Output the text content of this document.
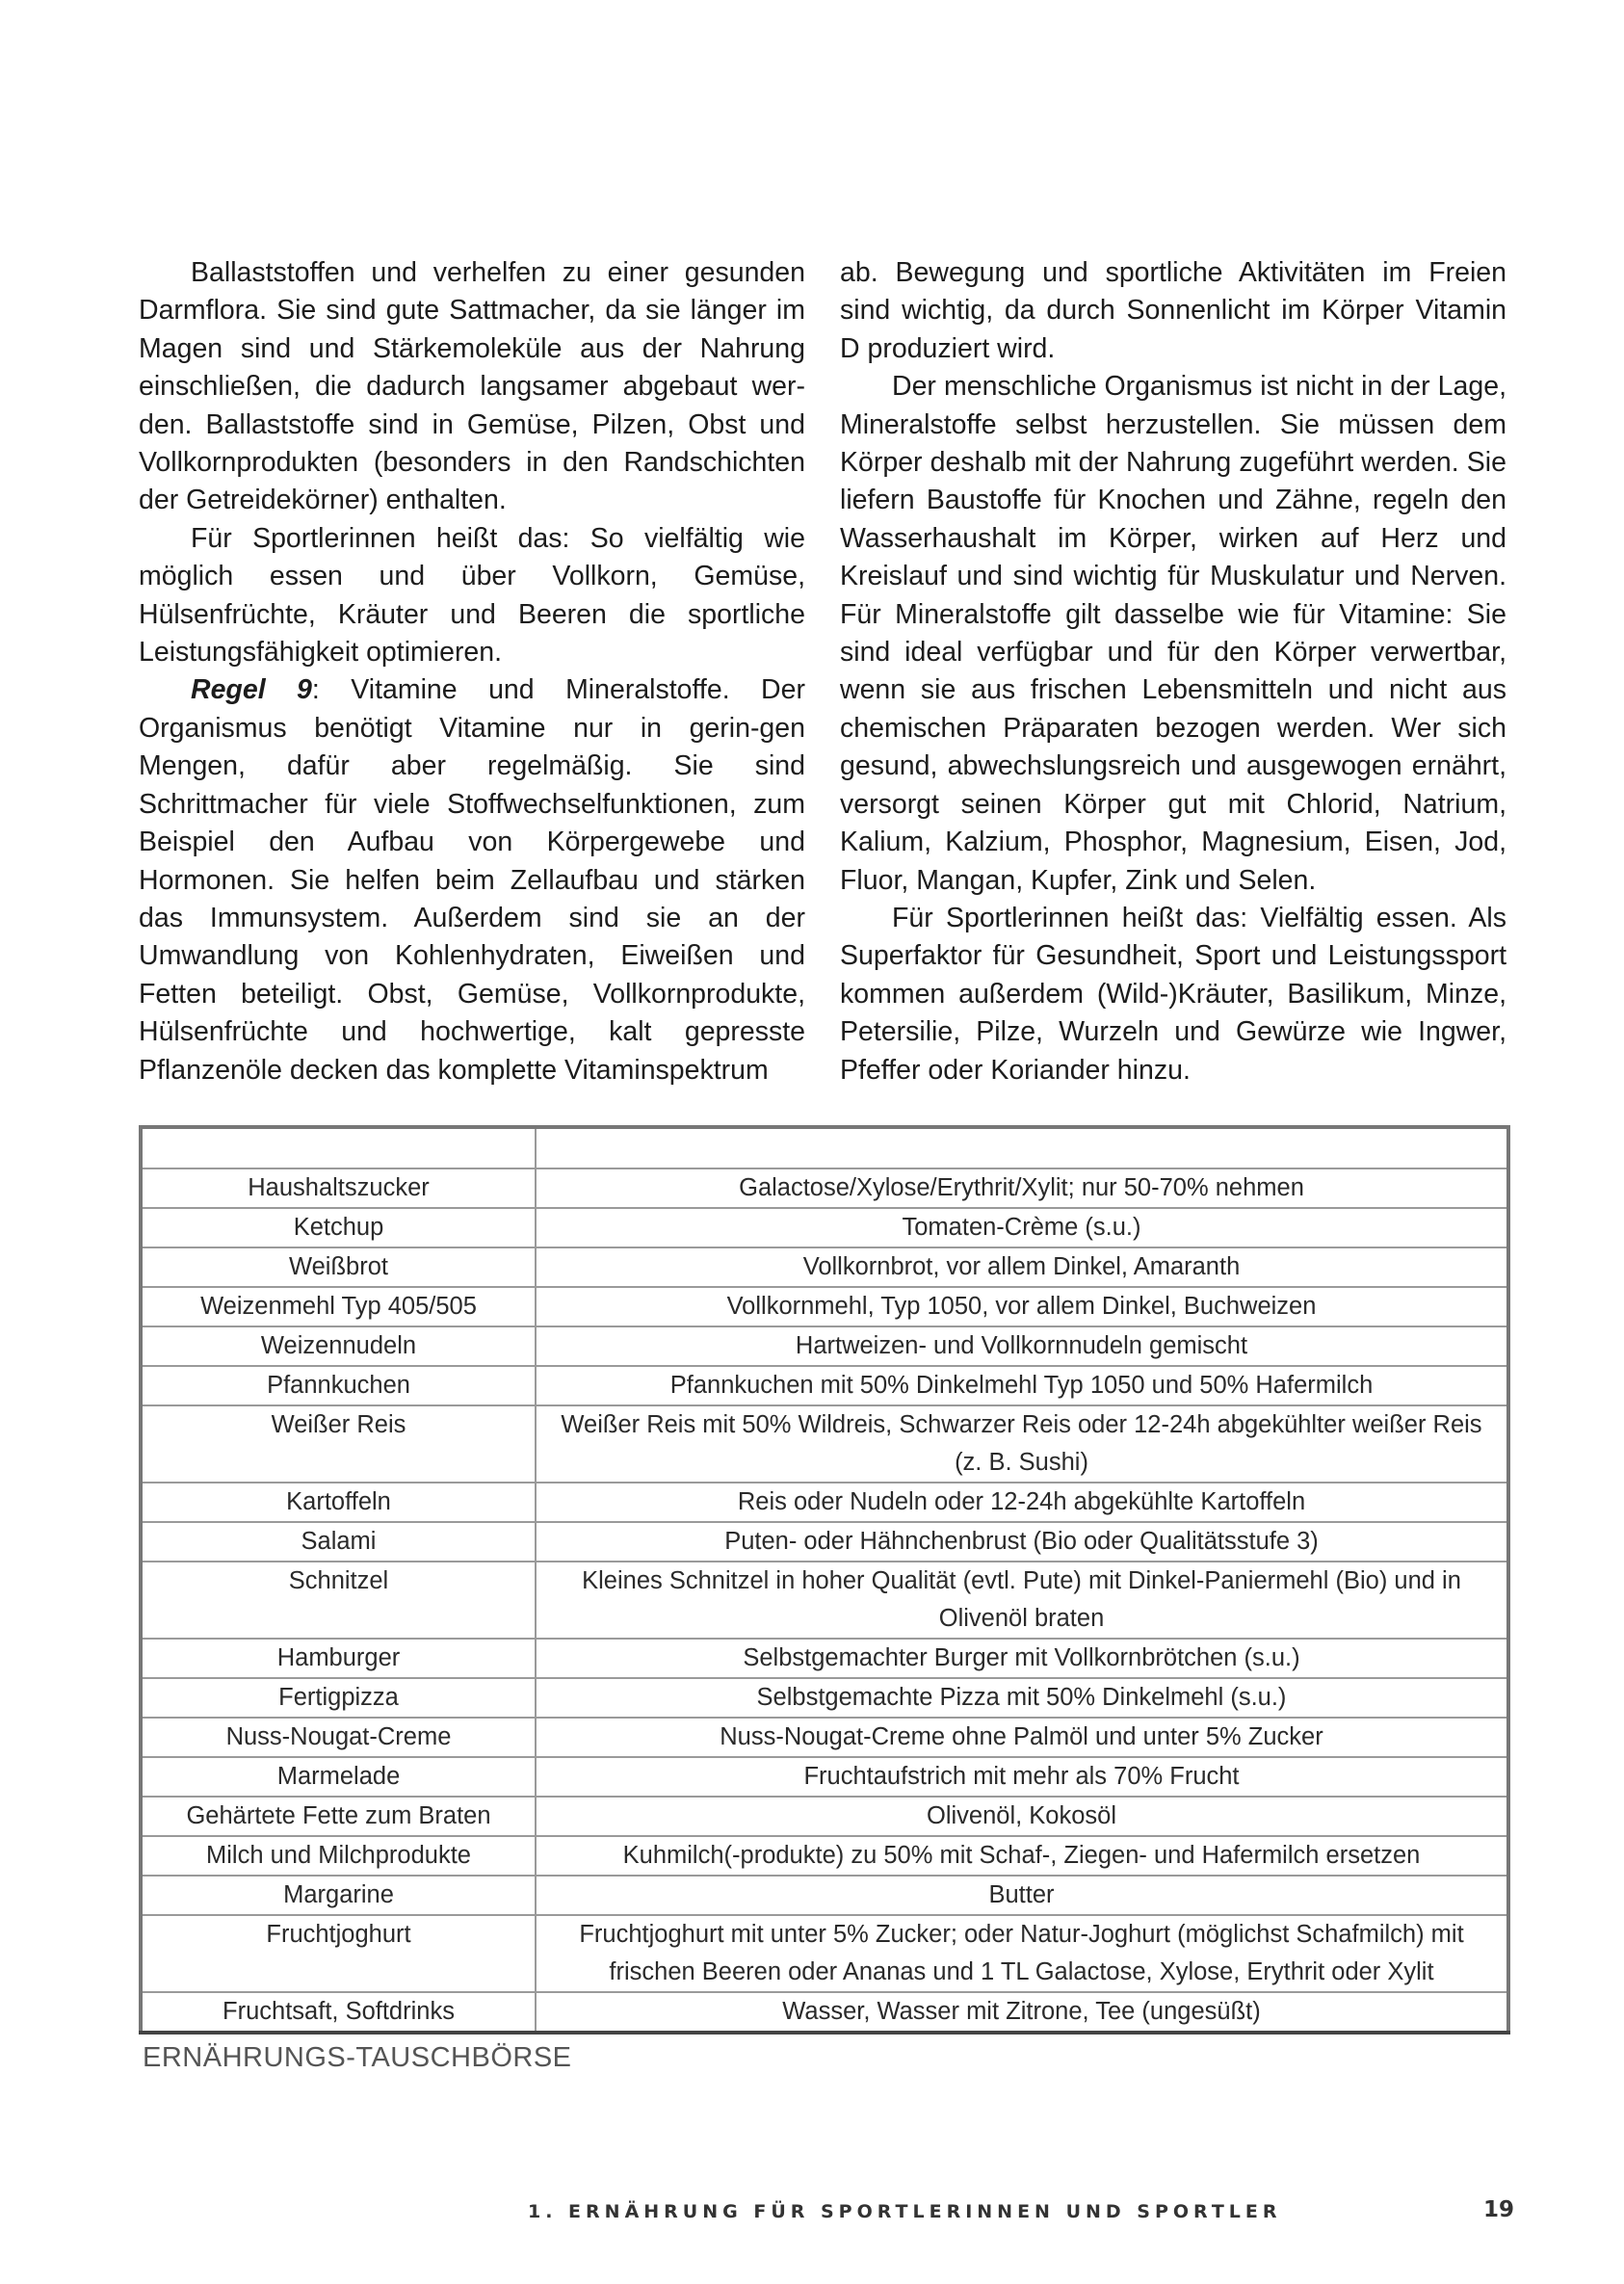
Ballaststoffen und verhelfen zu einer gesunden Darmflora. Sie sind gute Sattmacher, da sie länger im Magen sind und Stärkemoleküle aus der Nahrung einschließen, die dadurch langsamer abgebaut wer-den. Ballaststoffe sind in Gemüse, Pilzen, Obst und Vollkornprodukten (besonders in den Randschichten der Getreidekörner) enthalten.

Für Sportlerinnen heißt das: So vielfältig wie möglich essen und über Vollkorn, Gemüse, Hülsenfrüchte, Kräuter und Beeren die sportliche Leistungsfähigkeit optimieren.

Regel 9: Vitamine und Mineralstoffe. Der Organismus benötigt Vitamine nur in gerin-gen Mengen, dafür aber regelmäßig. Sie sind Schrittmacher für viele Stoffwechselfunktionen, zum Beispiel den Aufbau von Körpergewebe und Hormonen. Sie helfen beim Zellaufbau und stärken das Immunsystem. Außerdem sind sie an der Umwandlung von Kohlenhydraten, Eiweißen und Fetten beteiligt. Obst, Gemüse, Vollkornprodukte, Hülsenfrüchte und hochwertige, kalt gepresste Pflanzenöle decken das komplette Vitaminspektrum

ab. Bewegung und sportliche Aktivitäten im Freien sind wichtig, da durch Sonnenlicht im Körper Vitamin D produziert wird.

Der menschliche Organismus ist nicht in der Lage, Mineralstoffe selbst herzustellen. Sie müssen dem Körper deshalb mit der Nahrung zugeführt werden. Sie liefern Baustoffe für Knochen und Zähne, regeln den Wasserhaushalt im Körper, wirken auf Herz und Kreislauf und sind wichtig für Muskulatur und Nerven. Für Mineralstoffe gilt dasselbe wie für Vitamine: Sie sind ideal verfügbar und für den Körper verwertbar, wenn sie aus frischen Lebensmitteln und nicht aus chemischen Präparaten bezogen werden. Wer sich gesund, abwechslungsreich und ausgewogen ernährt, versorgt seinen Körper gut mit Chlorid, Natrium, Kalium, Kalzium, Phosphor, Magnesium, Eisen, Jod, Fluor, Mangan, Kupfer, Zink und Selen.

Für Sportlerinnen heißt das: Vielfältig essen. Als Superfaktor für Gesundheit, Sport und Leistungssport kommen außerdem (Wild-)Kräuter, Basilikum, Minze, Petersilie, Pilze, Wurzeln und Gewürze wie Ingwer, Pfeffer oder Koriander hinzu.

Haushaltszucker	Galactose/Xylose/Erythrit/Xylit; nur 50-70% nehmen
Ketchup	Tomaten-Crème (s.u.)
Weißbrot	Vollkornbrot, vor allem Dinkel, Amaranth
Weizenmehl Typ 405/505	Vollkornmehl, Typ 1050, vor allem Dinkel, Buchweizen
Weizennudeln	Hartweizen- und Vollkornnudeln gemischt
Pfannkuchen	Pfannkuchen mit 50% Dinkelmehl Typ 1050 und 50% Hafermilch
Weißer Reis	Weißer Reis mit 50% Wildreis, Schwarzer Reis oder 12-24h abgekühlter weißer Reis (z. B. Sushi)
Kartoffeln	Reis oder Nudeln oder 12-24h abgekühlte Kartoffeln
Salami	Puten- oder Hähnchenbrust (Bio oder Qualitätsstufe 3)
Schnitzel	Kleines Schnitzel in hoher Qualität (evtl. Pute) mit Dinkel-Paniermehl (Bio) und in Olivenöl braten
Hamburger	Selbstgemachter Burger mit Vollkornbrötchen (s.u.)
Fertigpizza	Selbstgemachte Pizza mit 50% Dinkelmehl (s.u.)
Nuss-Nougat-Creme	Nuss-Nougat-Creme ohne Palmöl und unter 5% Zucker
Marmelade	Fruchtaufstrich mit mehr als 70% Frucht
Gehärtete Fette zum Braten	Olivenöl, Kokosöl
Milch und Milchprodukte	Kuhmilch(-produkte) zu 50% mit Schaf-, Ziegen- und Hafermilch ersetzen
Margarine	Butter
Fruchtjoghurt	Fruchtjoghurt mit unter 5% Zucker; oder Natur-Joghurt (möglichst Schafmilch) mit frischen Beeren oder Ananas und 1 TL Galactose, Xylose, Erythrit oder Xylit
Fruchtsaft, Softdrinks	Wasser, Wasser mit Zitrone, Tee (ungesüßt)
ERNÄHRUNGS-TAUSCHBÖRSE
1. ERNÄHRUNG FÜR SPORTLERINNEN UND SPORTLER	19
